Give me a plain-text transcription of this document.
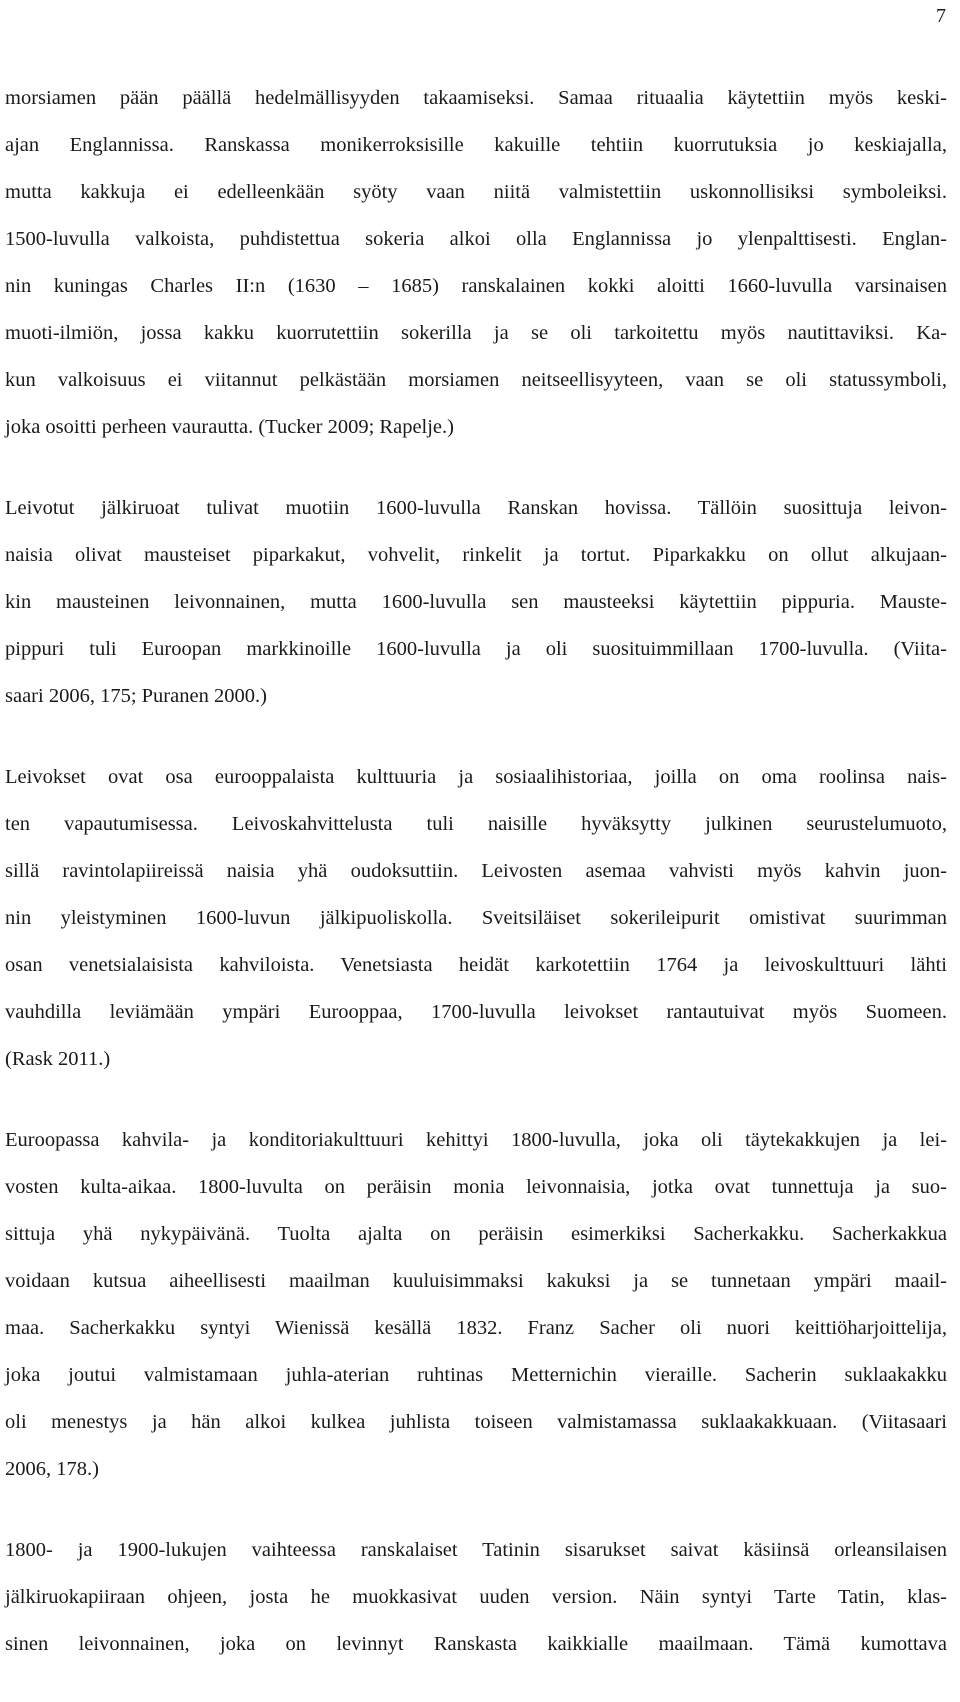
7

morsiamen pään päällä hedelmällisyyden takaamiseksi. Samaa rituaalia käytettiin myös keski-
ajan Englannissa. Ranskassa monikerroksisille kakuille tehtiin kuorrutuksia jo keskiajalla,
mutta kakkuja ei edelleenkään syöty vaan niitä valmistettiin uskonnollisiksi symboleiksi.
1500-luvulla valkoista, puhdistettua sokeria alkoi olla Englannissa jo ylenpalttisesti. Englan-
nin kuningas Charles II:n (1630 – 1685) ranskalainen kokki aloitti 1660-luvulla varsinaisen
muoti-ilmiön, jossa kakku kuorrutettiin sokerilla ja se oli tarkoitettu myös nautittaviksi. Ka-
kun valkoisuus ei viitannut pelkästään morsiamen neitseellisyyteen, vaan se oli statussymboli,
joka osoitti perheen vaurautta. (Tucker 2009; Rapelje.)

Leivotut jälkiruoat tulivat muotiin 1600-luvulla Ranskan hovissa. Tällöin suosittuja leivon-
naisia olivat mausteiset piparkakut, vohvelit, rinkelit ja tortut. Piparkakku on ollut alkujaan-
kin mausteinen leivonnainen, mutta 1600-luvulla sen mausteeksi käytettiin pippuria. Mauste-
pippuri tuli Euroopan markkinoille 1600-luvulla ja oli suosituimmillaan 1700-luvulla. (Viita-
saari 2006, 175; Puranen 2000.)

Leivokset ovat osa eurooppalaista kulttuuria ja sosiaalihistoriaa, joilla on oma roolinsa nais-
ten vapautumisessa. Leivoskahvittelusta tuli naisille hyväksytty julkinen seurustelumuoto,
sillä ravintolapiireissä naisia yhä oudoksuttiin. Leivosten asemaa vahvisti myös kahvin juon-
nin yleistyminen 1600-luvun jälkipuoliskolla. Sveitsiläiset sokerileipurit omistivat suurimman
osan venetsialaisista kahviloista. Venetsiasta heidät karkotettiin 1764 ja leivoskulttuuri lähti
vauhdilla leviämään ympäri Eurooppaa, 1700-luvulla leivokset rantautuivat myös Suomeen.
(Rask 2011.)

Euroopassa kahvila- ja konditoriakulttuuri kehittyi 1800-luvulla, joka oli täytekakkujen ja lei-
vosten kulta-aikaa. 1800-luvulta on peräisin monia leivonnaisia, jotka ovat tunnettuja ja suo-
sittuja yhä nykypäivänä. Tuolta ajalta on peräisin esimerkiksi Sacherkakku. Sacherkakkua
voidaan kutsua aiheellisesti maailman kuuluisimmaksi kakuksi ja se tunnetaan ympäri maail-
maa. Sacherkakku syntyi Wienissä kesällä 1832. Franz Sacher oli nuori keittiöharjoittelija,
joka joutui valmistamaan juhla-aterian ruhtinas Metternichin vieraille. Sacherin suklaakakku
oli menestys ja hän alkoi kulkea juhlista toiseen valmistamassa suklaakakkuaan. (Viitasaari
2006, 178.)

1800- ja 1900-lukujen vaihteessa ranskalaiset Tatinin sisarukset saivat käsiinsä orleansilaisen
jälkiruokapiiraan ohjeen, josta he muokkasivat uuden version. Näin syntyi Tarte Tatin, klas-
sinen leivonnainen, joka on levinnyt Ranskasta kaikkialle maailmaan. Tämä kumottava
